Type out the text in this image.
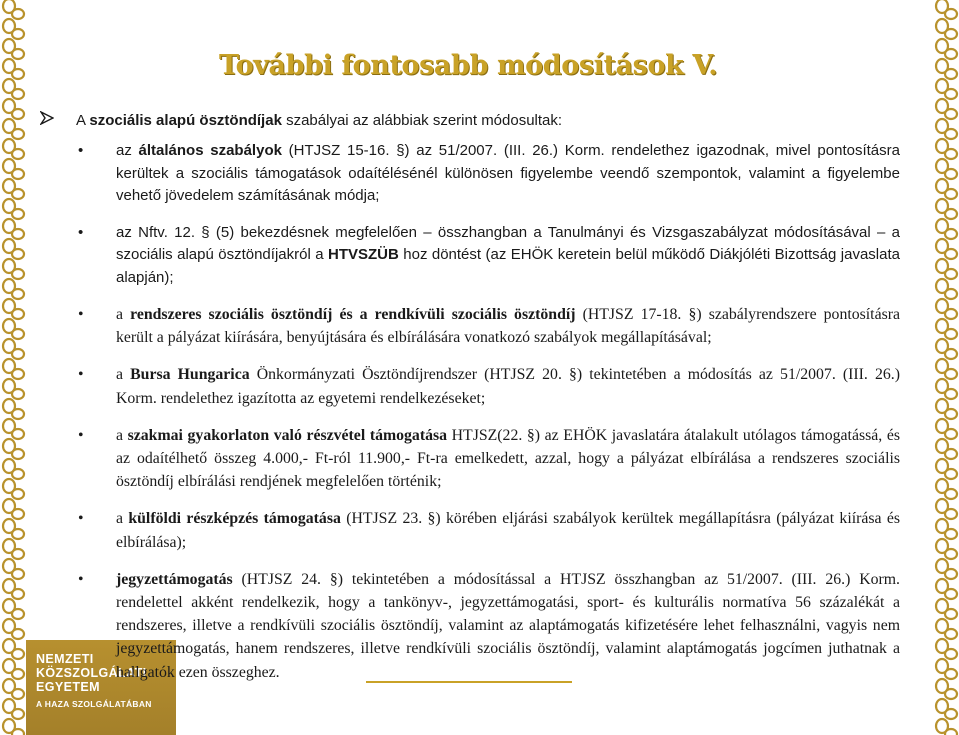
NEMZETI
KÖZSZOLGÁLATI
EGYETEM
A HAZA SZOLGÁLATÁBAN
További fontosabb módosítások V.
A szociális alapú ösztöndíjak szabályai az alábbiak szerint módosultak:
• az általános szabályok (HTJSZ 15-16. §) az 51/2007. (III. 26.) Korm. rendelethez igazodnak, mivel pontosításra kerültek a szociális támogatások odaítélésénél különösen figyelembe veendő szempontok, valamint a figyelembe vehető jövedelem számításának módja;
• az Nftv. 12. § (5) bekezdésnek megfelelően – összhangban a Tanulmányi és Vizsgaszabályzat módosításával – a szociális alapú ösztöndíjakról a HTVSZÜB hoz döntést (az EHÖK keretein belül működő Diákjóléti Bizottság javaslata alapján);
• a rendszeres szociális ösztöndíj és a rendkívüli szociális ösztöndíj (HTJSZ 17-18. §) szabályrendszere pontosításra került a pályázat kiírására, benyújtására és elbírálására vonatkozó szabályok megállapításával;
• a Bursa Hungarica Önkormányzati Ösztöndíjrendszer (HTJSZ 20. §) tekintetében a módosítás az 51/2007. (III. 26.) Korm. rendelethez igazította az egyetemi rendelkezéseket;
• a szakmai gyakorlaton való részvétel támogatása HTJSZ(22. §) az EHÖK javaslatára átalakult utólagos támogatássá, és az odaítélhető összeg 4.000,- Ft-ról 11.900,- Ft-ra emelkedett, azzal, hogy a pályázat elbírálása a rendszeres szociális ösztöndíj elbírálási rendjének megfelelően történik;
• a külföldi részképzés támogatása (HTJSZ 23. §) körében eljárási szabályok kerültek megállapításra (pályázat kiírása és elbírálása);
• jegyzettámogatás (HTJSZ 24. §) tekintetében a módosítással a HTJSZ összhangban az 51/2007. (III. 26.) Korm. rendelettel akként rendelkezik, hogy a tankönyv-, jegyzettámogatási, sport- és kulturális normatíva 56 százalékát a rendszeres, illetve a rendkívüli szociális ösztöndíj, valamint az alaptámogatás kifizetésére lehet felhasználni, vagyis nem jegyzettámogatás, hanem rendszeres, illetve rendkívüli szociális ösztöndíj, valamint alaptámogatás jogcímen juthatnak a hallgatók ezen összeghez.
